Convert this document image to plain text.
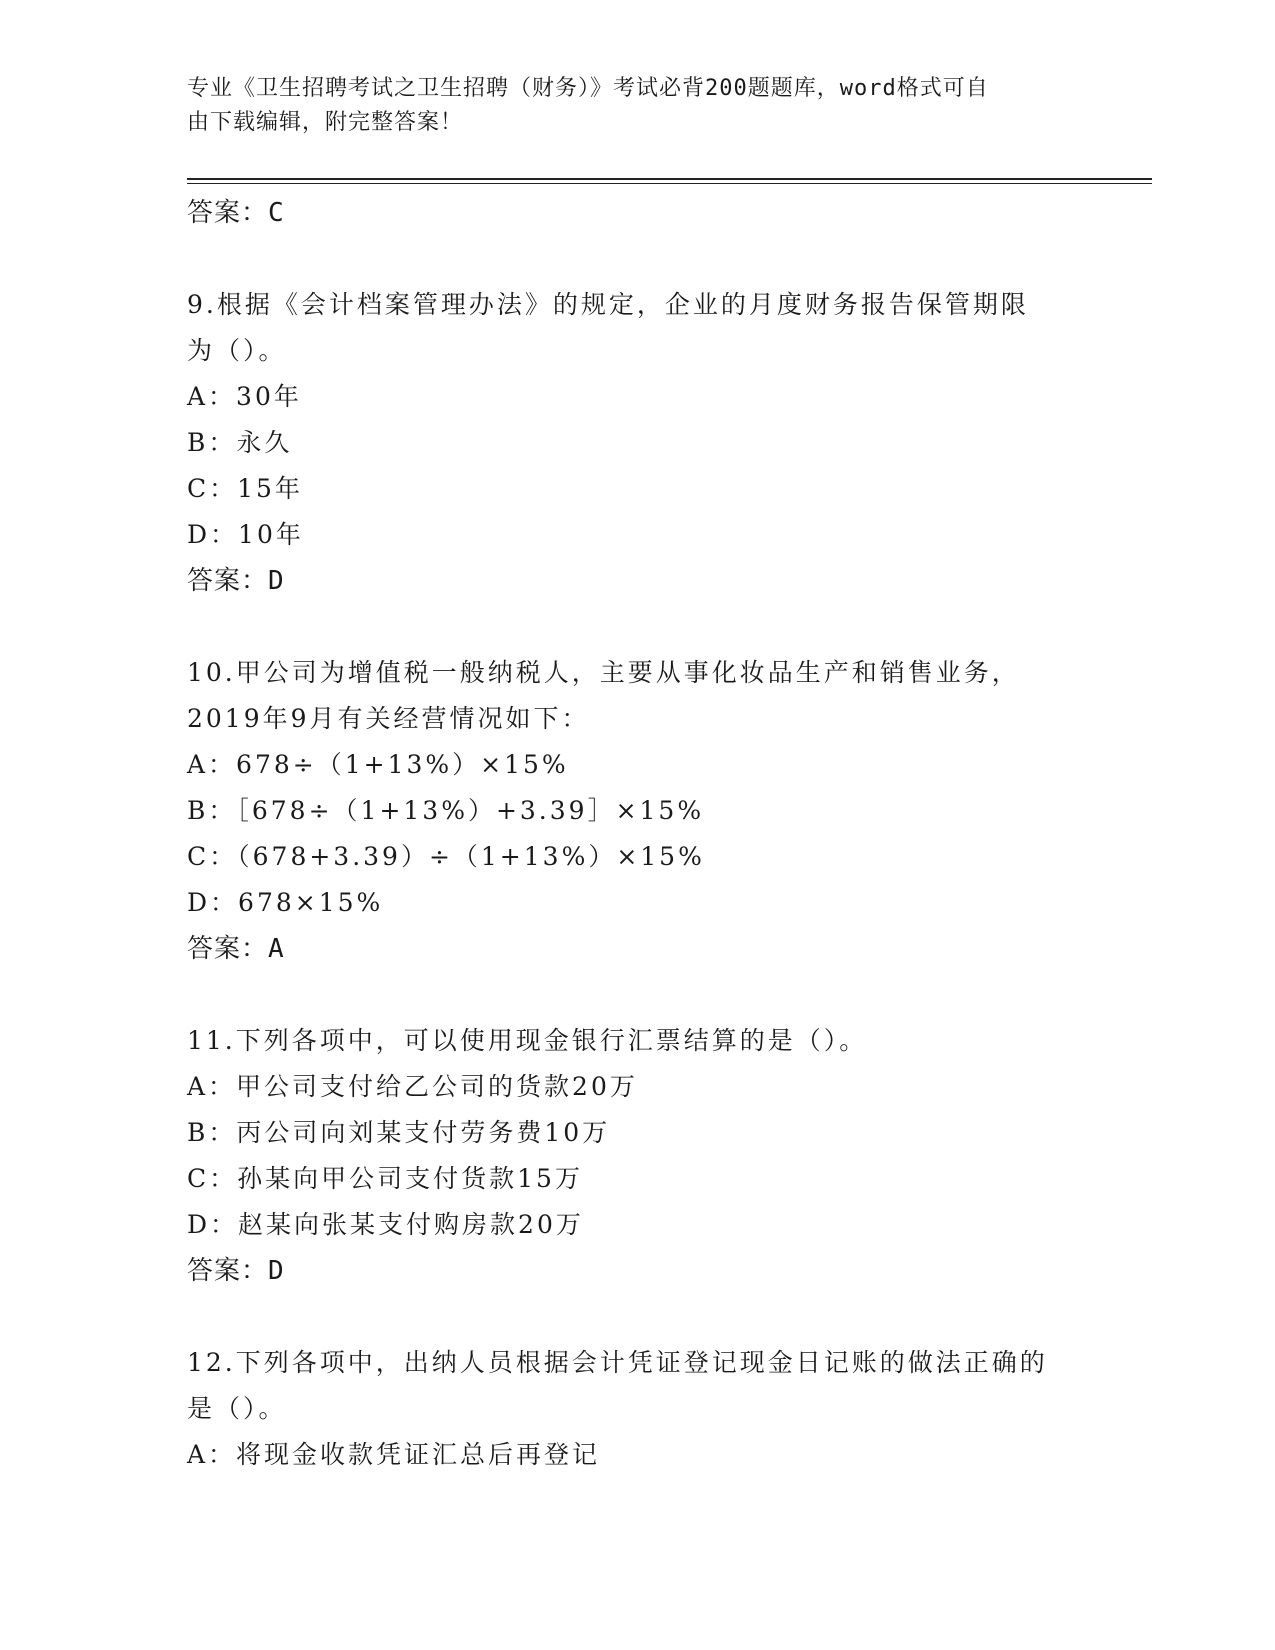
专业《卫生招聘考试之卫生招聘（财务）》考试必背200题题库，word格式可自
由下载编辑，附完整答案！
答案：C
9.根据《会计档案管理办法》的规定，企业的月度财务报告保管期限
为（）。
A：30年
B：永久
C：15年
D：10年
答案：D
10.甲公司为增值税一般纳税人，主要从事化妆品生产和销售业务，
2019年9月有关经营情况如下：
A：678÷（1+13%）×15%
B：［678÷（1+13%）+3.39］×15%
C：（678+3.39）÷（1+13%）×15%
D：678×15%
答案：A
11.下列各项中，可以使用现金银行汇票结算的是（）。
A：甲公司支付给乙公司的货款20万
B：丙公司向刘某支付劳务费10万
C：孙某向甲公司支付货款15万
D：赵某向张某支付购房款20万
答案：D
12.下列各项中，出纳人员根据会计凭证登记现金日记账的做法正确的
是（）。
A：将现金收款凭证汇总后再登记
